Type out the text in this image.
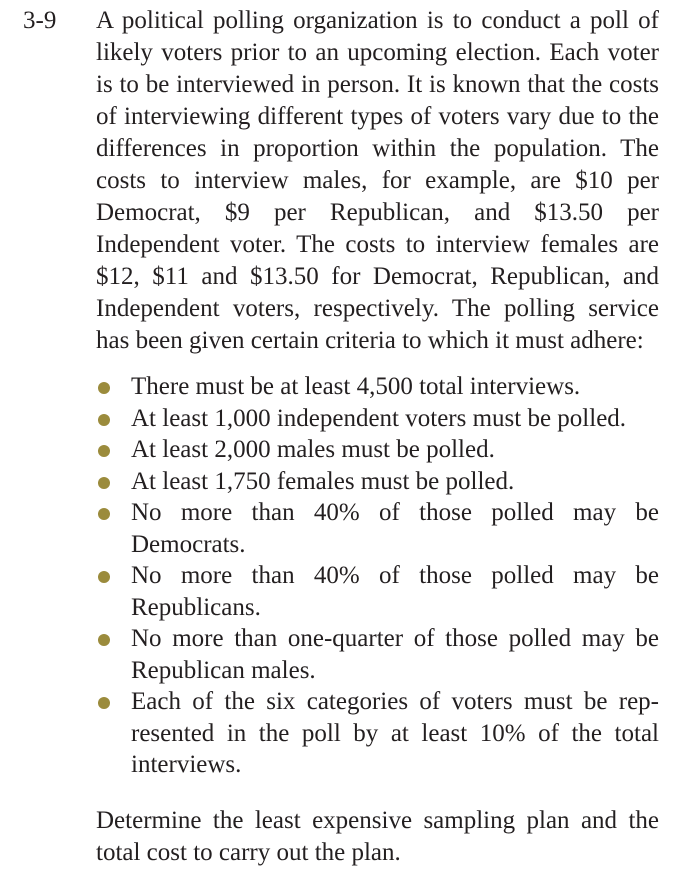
3-9 A political polling organization is to conduct a poll of likely voters prior to an upcoming election. Each voter is to be interviewed in person. It is known that the costs of interviewing different types of voters vary due to the differences in proportion within the population. The costs to interview males, for example, are $10 per Democrat, $9 per Republican, and $13.50 per Independent voter. The costs to interview females are $12, $11 and $13.50 for Democrat, Republican, and Independent voters, respectively. The polling service has been given certain criteria to which it must adhere:

There must be at least 4,500 total interviews.
At least 1,000 independent voters must be polled.
At least 2,000 males must be polled.
At least 1,750 females must be polled.
No more than 40% of those polled may be Democrats.
No more than 40% of those polled may be Republicans.
No more than one-quarter of those polled may be Republican males.
Each of the six categories of voters must be represented in the poll by at least 10% of the total interviews.

Determine the least expensive sampling plan and the total cost to carry out the plan.
